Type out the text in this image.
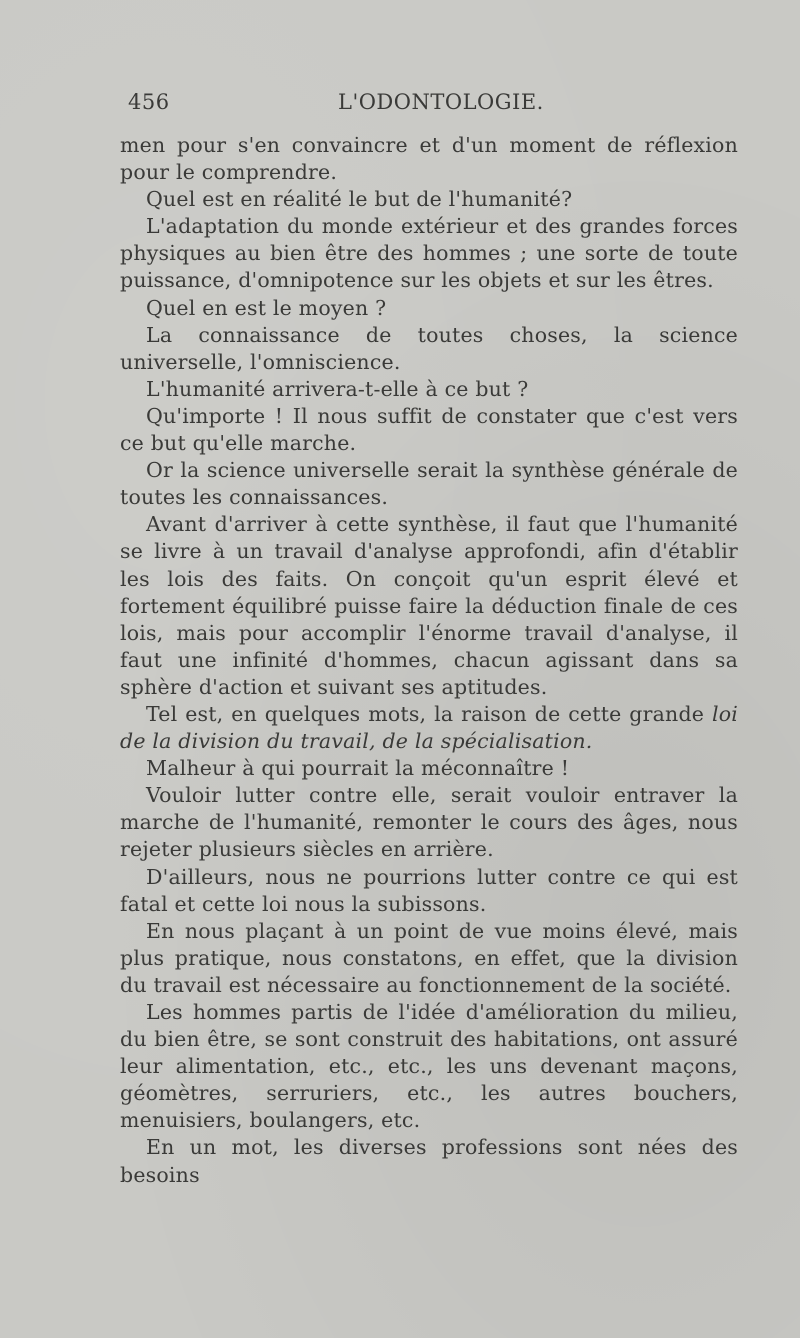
456	L'ODONTOLOGIE.

men pour s'en convaincre et d'un moment de réflexion pour le comprendre.

Quel est en réalité le but de l'humanité?

L'adaptation du monde extérieur et des grandes forces physiques au bien être des hommes ; une sorte de toute puissance, d'omnipotence sur les objets et sur les êtres.

Quel en est le moyen ?

La connaissance de toutes choses, la science universelle, l'omniscience.

L'humanité arrivera-t-elle à ce but ?

Qu'importe ! Il nous suffit de constater que c'est vers ce but qu'elle marche.

Or la science universelle serait la synthèse générale de toutes les connaissances.

Avant d'arriver à cette synthèse, il faut que l'humanité se livre à un travail d'analyse approfondi, afin d'établir les lois des faits. On conçoit qu'un esprit élevé et fortement équilibré puisse faire la déduction finale de ces lois, mais pour accomplir l'énorme travail d'analyse, il faut une infinité d'hommes, chacun agissant dans sa sphère d'action et suivant ses aptitudes.

Tel est, en quelques mots, la raison de cette grande loi de la division du travail, de la spécialisation.

Malheur à qui pourrait la méconnaître !

Vouloir lutter contre elle, serait vouloir entraver la marche de l'humanité, remonter le cours des âges, nous rejeter plusieurs siècles en arrière.

D'ailleurs, nous ne pourrions lutter contre ce qui est fatal et cette loi nous la subissons.

En nous plaçant à un point de vue moins élevé, mais plus pratique, nous constatons, en effet, que la division du travail est nécessaire au fonctionnement de la société.

Les hommes partis de l'idée d'amélioration du milieu, du bien être, se sont construit des habitations, ont assuré leur alimentation, etc., etc., les uns devenant maçons, géomètres, serruriers, etc., les autres bouchers, menuisiers, boulangers, etc.

En un mot, les diverses professions sont nées des besoins
